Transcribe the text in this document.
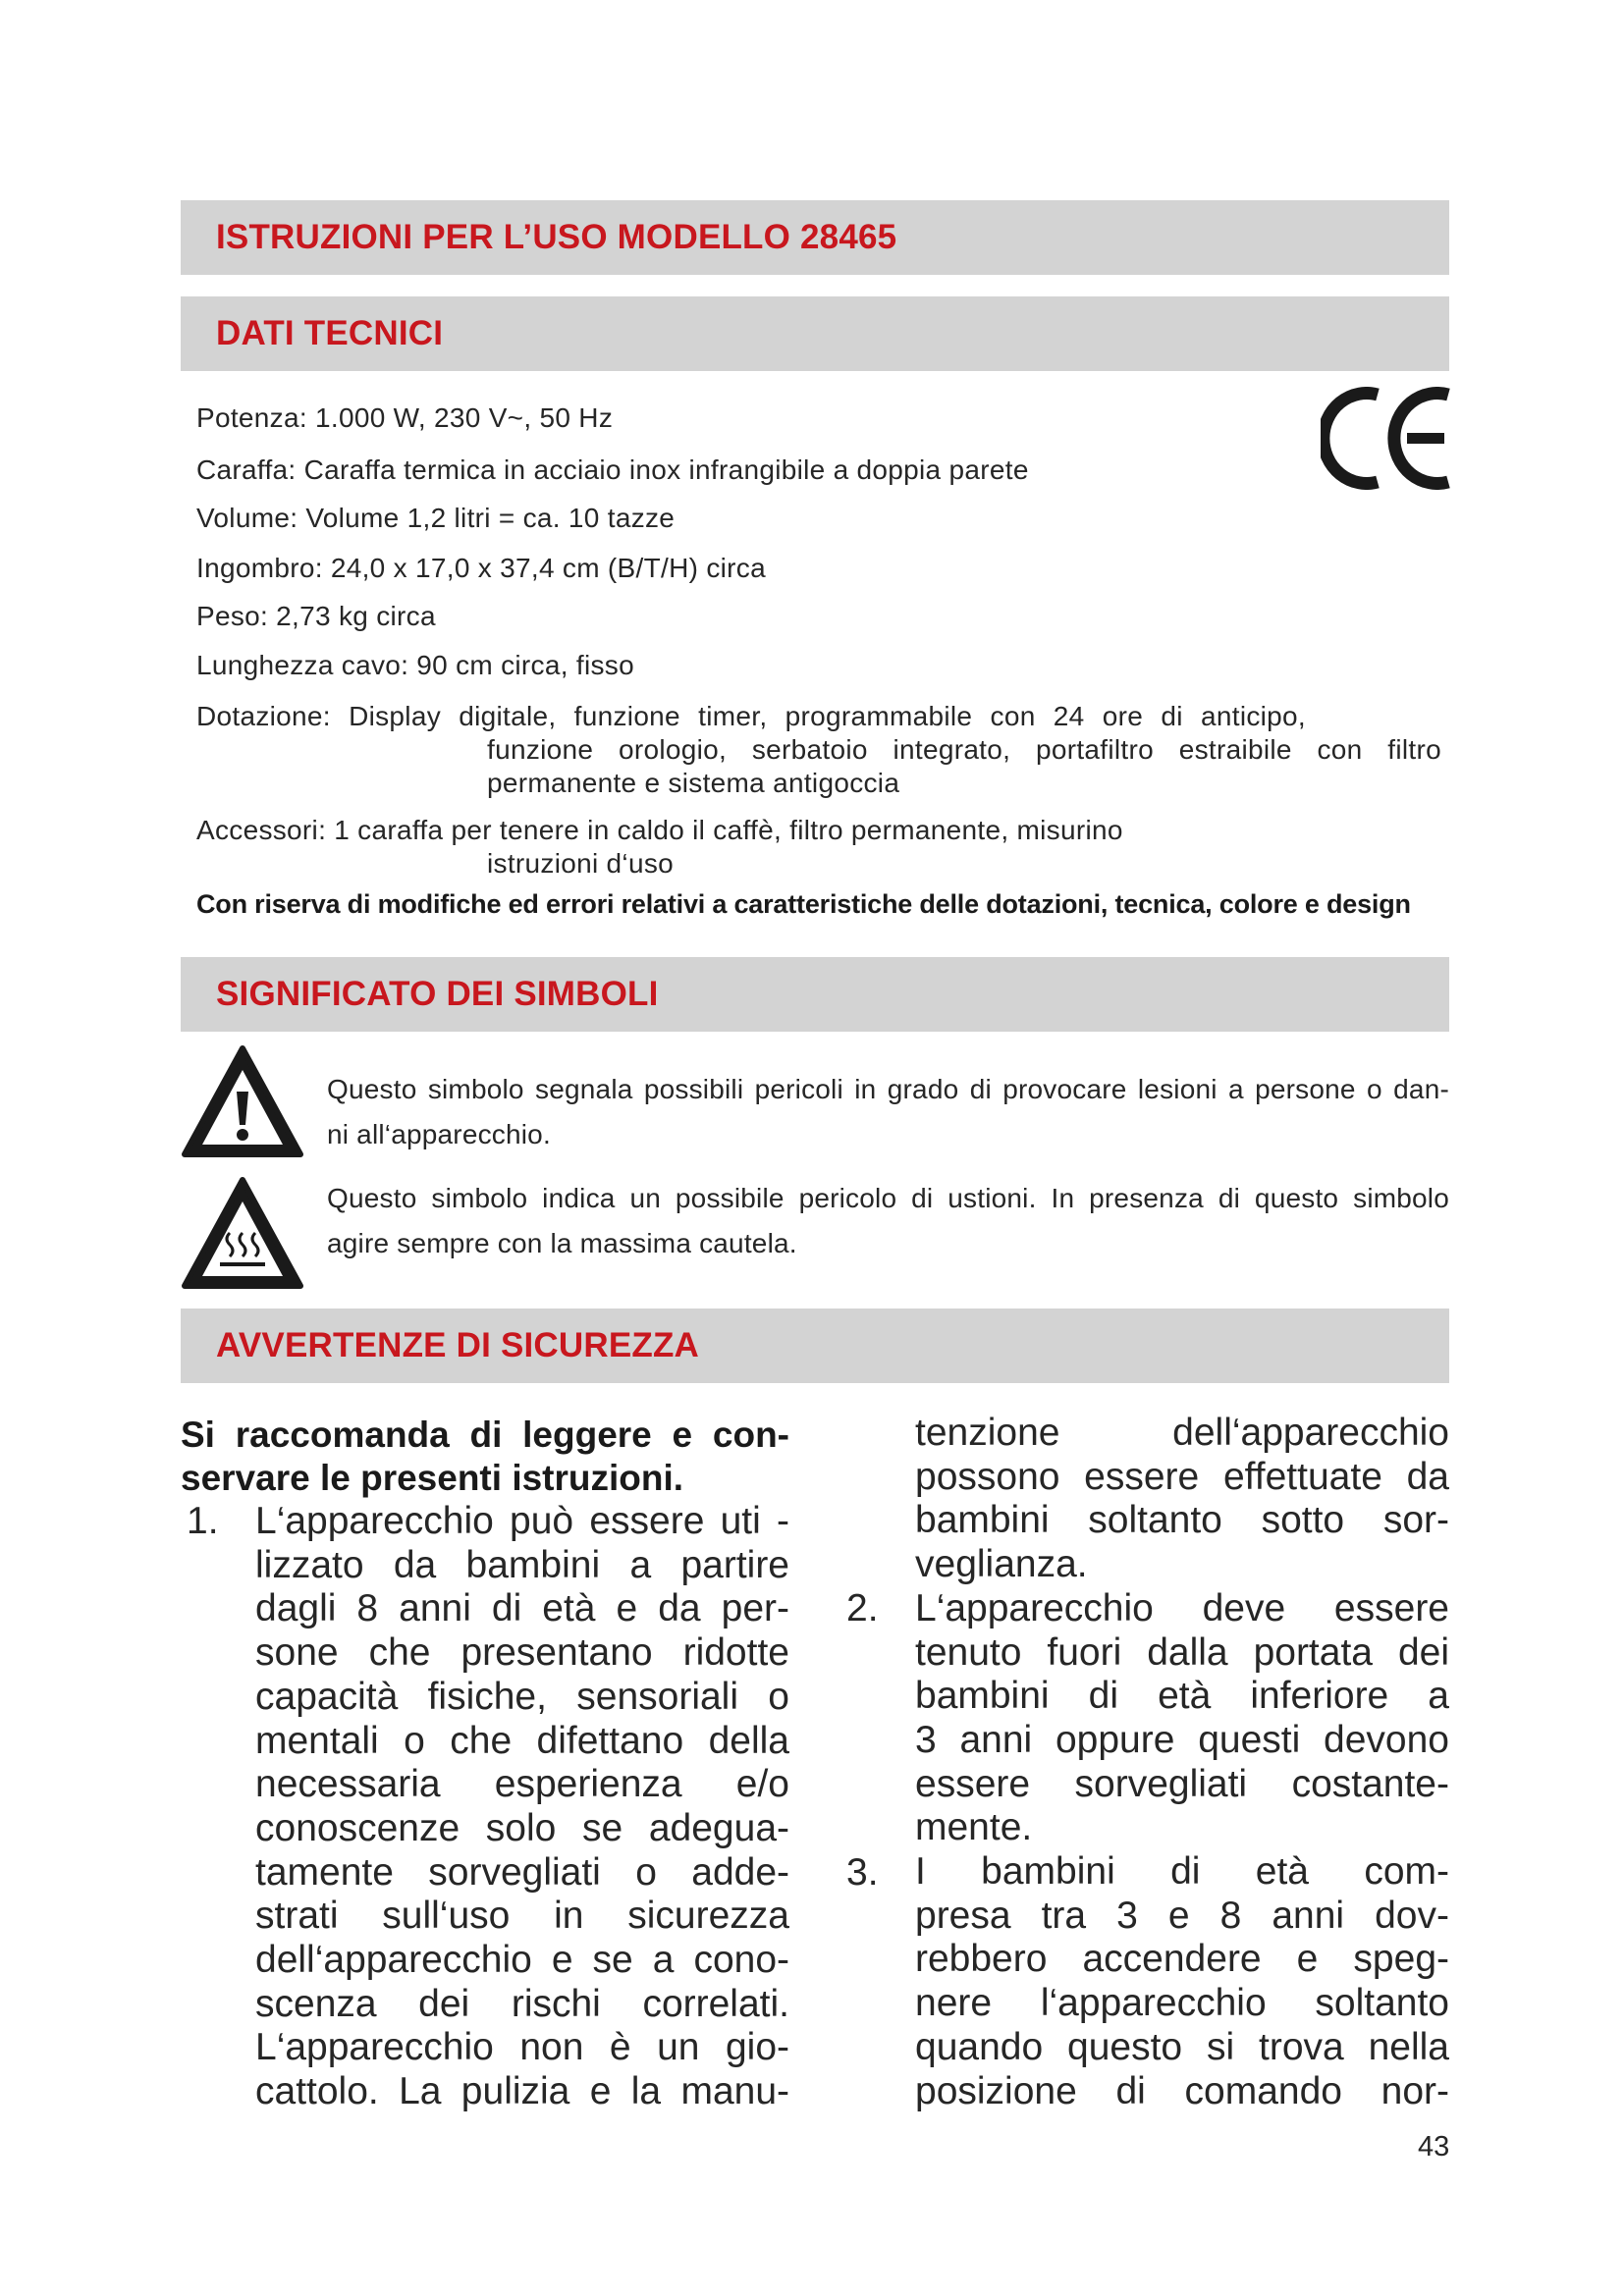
ISTRUZIONI PER L’USO MODELLO 28465
DATI TECNICI
SIGNIFICATO DEI SIMBOLI
AVVERTENZE DI SICUREZZA
Potenza: 1.000 W, 230 V~, 50 Hz
Caraffa: Caraffa termica in acciaio inox infrangibile a doppia parete
Volume: Volume 1,2 litri = ca. 10 tazze
Ingombro: 24,0 x 17,0 x 37,4 cm (B/T/H) circa
Peso: 2,73 kg circa
Lunghezza cavo: 90 cm circa, fisso
Dotazione: Display digitale, funzione timer, programmabile con 24 ore di anticipo,
funzione orologio, serbatoio integrato, portafiltro estraibile con filtro
permanente e sistema antigoccia
Accessori: 1 caraffa per tenere in caldo il caffè, filtro permanente, misurino
istruzioni d‘uso
Con riserva di modifiche ed errori relativi a caratteristiche delle dotazioni, tecnica, colore e design
Questo simbolo segnala possibili pericoli in grado di provocare lesioni a persone o dan-
ni all‘apparecchio.
Questo simbolo indica un possibile pericolo di ustioni. In presenza di questo simbolo
agire sempre con la massima cautela.
Si raccomanda di leggere e con-
servare le presenti istruzioni.
1.
2.
3.
L‘apparecchio può essere uti -
lizzato da bambini a partire
dagli 8 anni di età e da per-
sone che presentano ridotte
capacità fisiche, sensoriali o
mentali o che difettano della
necessaria esperienza e/o
conoscenze solo se adegua-
tamente sorvegliati o adde-
strati sull‘uso in sicurezza
dell‘apparecchio e se a cono-
scenza dei rischi correlati.
L‘apparecchio non è un gio-
cattolo. La pulizia e la manu-
tenzione dell‘apparecchio
possono essere effettuate da
bambini soltanto sotto sor-
veglianza.
L‘apparecchio deve essere
tenuto fuori dalla portata dei
bambini di età inferiore a
3 anni oppure questi devono
essere sorvegliati costante-
mente.
I bambini di età com-
presa tra 3 e 8 anni dov-
rebbero accendere e speg-
nere l‘apparecchio soltanto
quando questo si trova nella
posizione di comando nor-
43
